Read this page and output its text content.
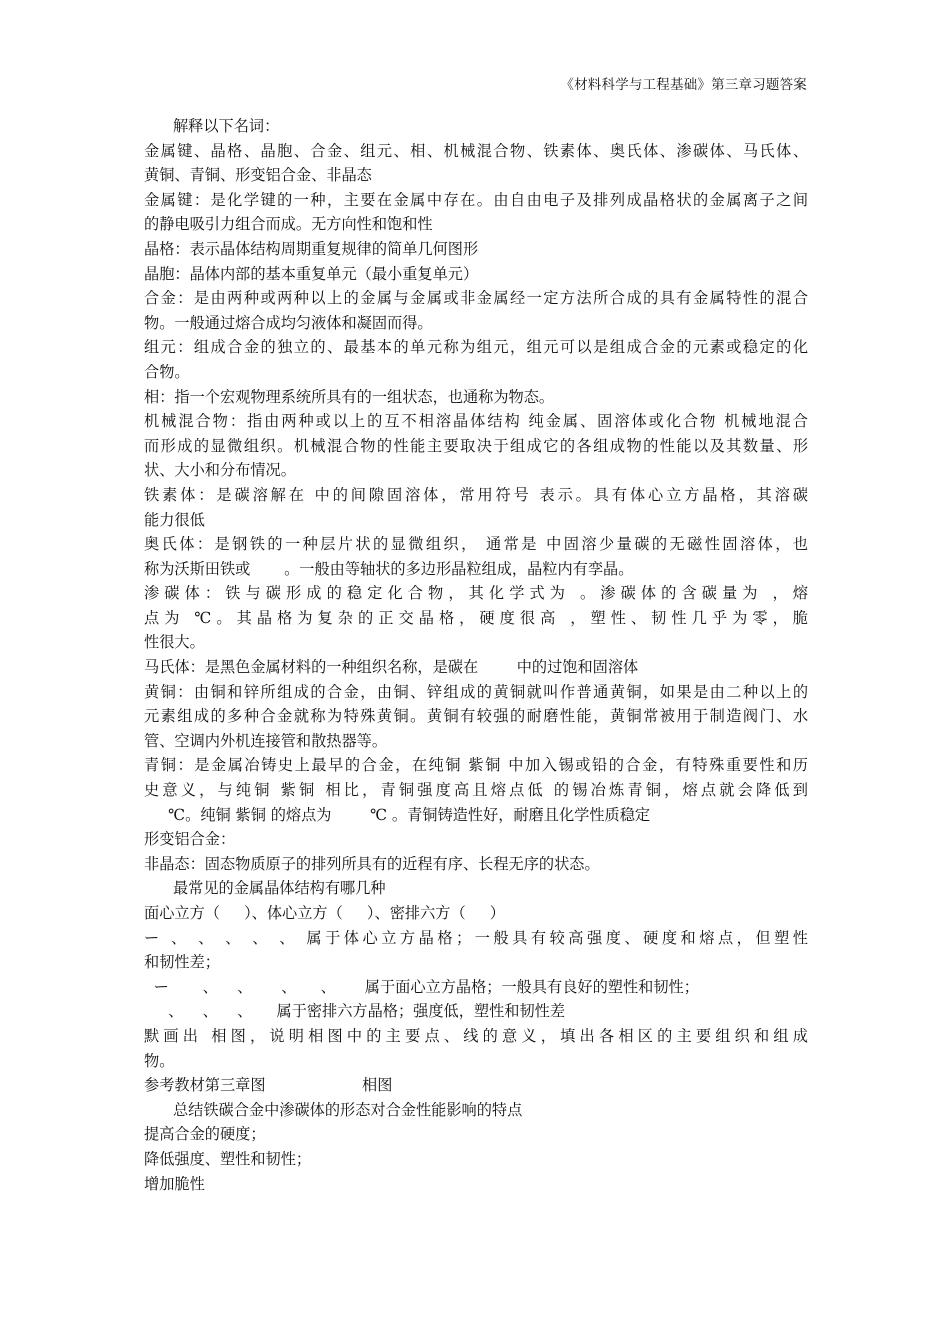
《材料科学与工程基础》第三章习题答案
解释以下名词：
金属键、晶格、晶胞、合金、组元、相、机械混合物、铁素体、奥氏体、渗碳体、马氏体、
黄铜、青铜、形变铝合金、非晶态
金属键：是化学键的一种，主要在金属中存在。由自由电子及排列成晶格状的金属离子之间
的静电吸引力组合而成。无方向性和饱和性
晶格：表示晶体结构周期重复规律的简单几何图形
晶胞：晶体内部的基本重复单元（最小重复单元）
合金：是由两种或两种以上的金属与金属或非金属经一定方法所合成的具有金属特性的混合
物。一般通过熔合成均匀液体和凝固而得。
组元：组成合金的独立的、最基本的单元称为组元，组元可以是组成合金的元素或稳定的化
合物。
相：指一个宏观物理系统所具有的一组状态，也通称为物态。
机械混合物：指由两种或以上的互不相溶晶体结构 纯金属、固溶体或化合物 机械地混合
而形成的显微组织。机械混合物的性能主要取决于组成它的各组成物的性能以及其数量、形
状、大小和分布情况。
铁素体：是碳溶解在 中的间隙固溶体，常用符号 表示。具有体心立方晶格，其溶碳
能力很低
奥氏体：是钢铁的一种层片状的显微组织， 通常是 中固溶少量碳的无磁性固溶体，也
称为沃斯田铁或       。一般由等轴状的多边形晶粒组成，晶粒内有孪晶。
渗碳体：铁与碳形成的稳定化合物，其化学式为 。渗碳体的含碳量为 ，熔
点为 ℃。其晶格为复杂的正交晶格，硬度很高 ，塑性、韧性几乎为零，脆
性很大。
马氏体：是黑色金属材料的一种组织名称，是碳在        中的过饱和固溶体
黄铜：由铜和锌所组成的合金，由铜、锌组成的黄铜就叫作普通黄铜，如果是由二种以上的
元素组成的多种合金就称为特殊黄铜。黄铜有较强的耐磨性能，黄铜常被用于制造阀门、水
管、空调内外机连接管和散热器等。
青铜：是金属冶铸史上最早的合金，在纯铜 紫铜 中加入锡或铅的合金，有特殊重要性和历
史意义，与纯铜 紫铜 相比，青铜强度高且熔点低 的锡冶炼青铜，熔点就会降低到
℃。纯铜 紫铜 的熔点为        ℃ 。青铜铸造性好，耐磨且化学性质稳定
形变铝合金：
非晶态：固态物质原子的排列所具有的近程有序、长程无序的状态。
最常见的金属晶体结构有哪几种
面心立方（     ）、体心立方（     ）、密排六方（     ）
ー 、 、 、 、 、 属于体心立方晶格；一般具有较高强度、硬度和熔点，但塑性
和韧性差；
ー       、    、      、     、      属于面心立方晶格；一般具有良好的塑性和韧性；
、    、    、     属于密排六方晶格；强度低，塑性和韧性差
默画出 相图，说明相图中的主要点、线的意义，填出各相区的主要组织和组成
物。
参考教材第三章图                    相图
总结铁碳合金中渗碳体的形态对合金性能影响的特点
提高合金的硬度；
降低强度、塑性和韧性；
增加脆性
